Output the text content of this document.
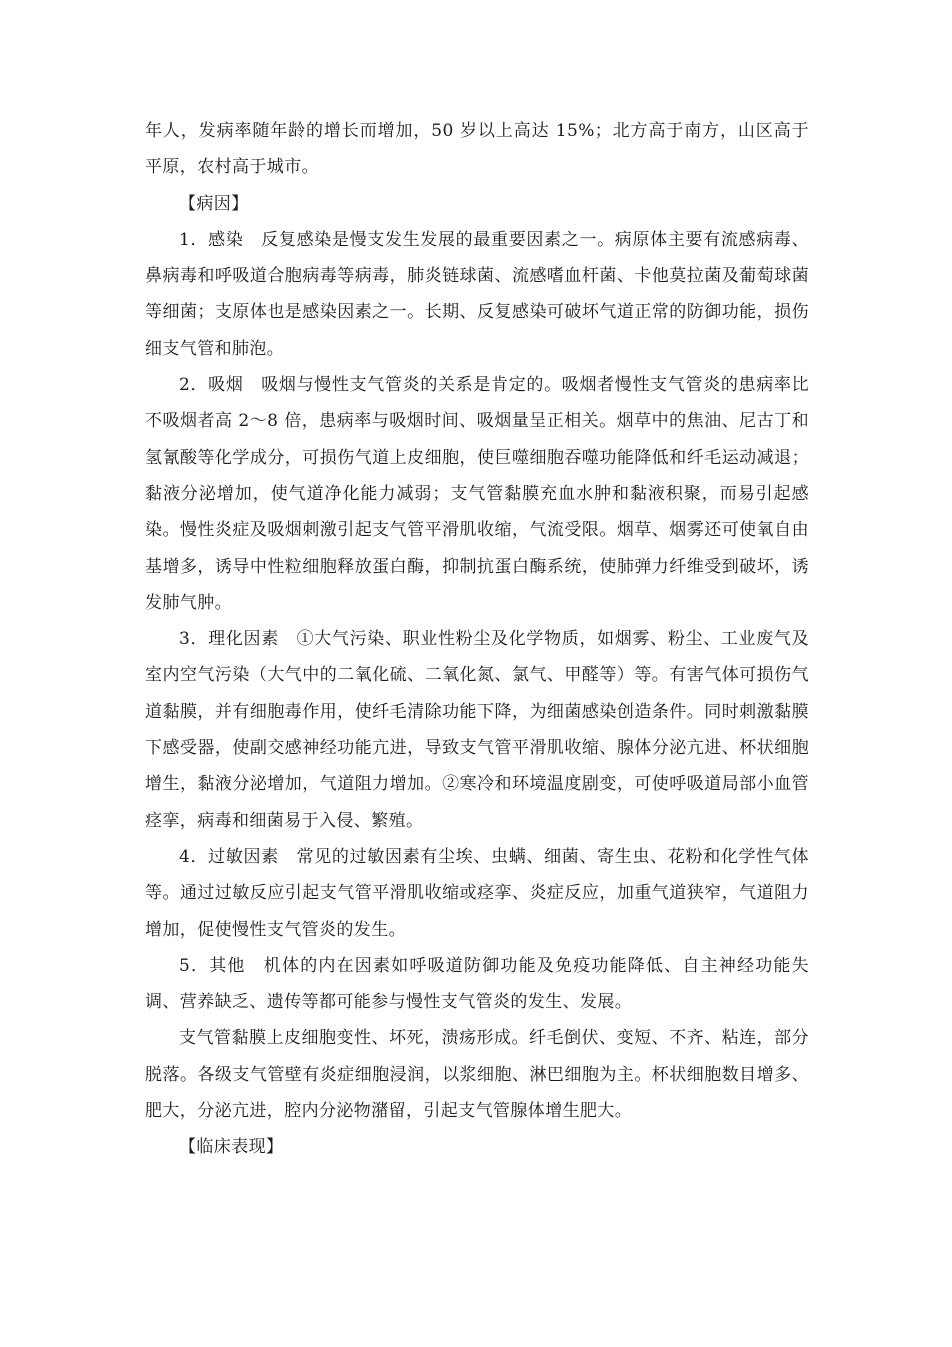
年人，发病率随年龄的增长而增加，50 岁以上高达 15%；北方高于南方，山区高于平原，农村高于城市。

【病因】

1．感染　反复感染是慢支发生发展的最重要因素之一。病原体主要有流感病毒、鼻病毒和呼吸道合胞病毒等病毒，肺炎链球菌、流感嗜血杆菌、卡他莫拉菌及葡萄球菌等细菌；支原体也是感染因素之一。长期、反复感染可破坏气道正常的防御功能，损伤细支气管和肺泡。

2．吸烟　吸烟与慢性支气管炎的关系是肯定的。吸烟者慢性支气管炎的患病率比不吸烟者高 2～8 倍，患病率与吸烟时间、吸烟量呈正相关。烟草中的焦油、尼古丁和氢氰酸等化学成分，可损伤气道上皮细胞，使巨噬细胞吞噬功能降低和纤毛运动减退；黏液分泌增加，使气道净化能力减弱；支气管黏膜充血水肿和黏液积聚，而易引起感染。慢性炎症及吸烟刺激引起支气管平滑肌收缩，气流受限。烟草、烟雾还可使氧自由基增多，诱导中性粒细胞释放蛋白酶，抑制抗蛋白酶系统，使肺弹力纤维受到破坏，诱发肺气肿。

3．理化因素　①大气污染、职业性粉尘及化学物质，如烟雾、粉尘、工业废气及室内空气污染（大气中的二氧化硫、二氧化氮、氯气、甲醛等）等。有害气体可损伤气道黏膜，并有细胞毒作用，使纤毛清除功能下降，为细菌感染创造条件。同时刺激黏膜下感受器，使副交感神经功能亢进，导致支气管平滑肌收缩、腺体分泌亢进、杯状细胞增生，黏液分泌增加，气道阻力增加。②寒冷和环境温度剧变，可使呼吸道局部小血管痉挛，病毒和细菌易于入侵、繁殖。

4．过敏因素　常见的过敏因素有尘埃、虫螨、细菌、寄生虫、花粉和化学性气体等。通过过敏反应引起支气管平滑肌收缩或痉挛、炎症反应，加重气道狭窄，气道阻力增加，促使慢性支气管炎的发生。

5．其他　机体的内在因素如呼吸道防御功能及免疫功能降低、自主神经功能失调、营养缺乏、遗传等都可能参与慢性支气管炎的发生、发展。

支气管黏膜上皮细胞变性、坏死，溃疡形成。纤毛倒伏、变短、不齐、粘连，部分脱落。各级支气管壁有炎症细胞浸润，以浆细胞、淋巴细胞为主。杯状细胞数目增多、肥大，分泌亢进，腔内分泌物潴留，引起支气管腺体增生肥大。

【临床表现】
